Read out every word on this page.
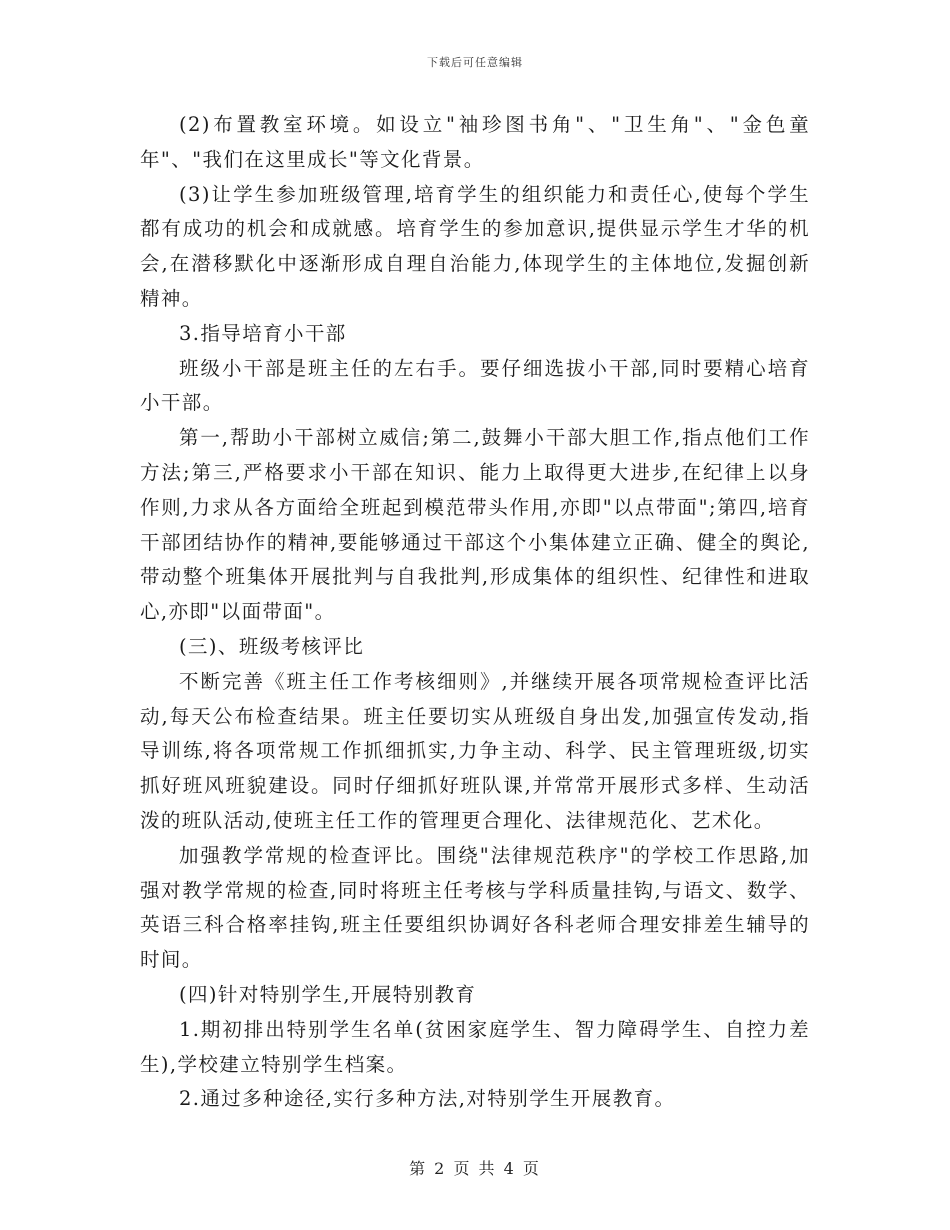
下载后可任意编辑

(2)布置教室环境。如设立"袖珍图书角"、"卫生角"、"金色童年"、"我们在这里成长"等文化背景。

(3)让学生参加班级管理,培育学生的组织能力和责任心,使每个学生都有成功的机会和成就感。培育学生的参加意识,提供显示学生才华的机会,在潜移默化中逐渐形成自理自治能力,体现学生的主体地位,发掘创新精神。

3.指导培育小干部

班级小干部是班主任的左右手。要仔细选拔小干部,同时要精心培育小干部。

第一,帮助小干部树立威信;第二,鼓舞小干部大胆工作,指点他们工作方法;第三,严格要求小干部在知识、能力上取得更大进步,在纪律上以身作则,力求从各方面给全班起到模范带头作用,亦即"以点带面";第四,培育干部团结协作的精神,要能够通过干部这个小集体建立正确、健全的舆论,带动整个班集体开展批判与自我批判,形成集体的组织性、纪律性和进取心,亦即"以面带面"。

(三)、班级考核评比

不断完善《班主任工作考核细则》,并继续开展各项常规检查评比活动,每天公布检查结果。班主任要切实从班级自身出发,加强宣传发动,指导训练,将各项常规工作抓细抓实,力争主动、科学、民主管理班级,切实抓好班风班貌建设。同时仔细抓好班队课,并常常开展形式多样、生动活泼的班队活动,使班主任工作的管理更合理化、法律规范化、艺术化。

加强教学常规的检查评比。围绕"法律规范秩序"的学校工作思路,加强对教学常规的检查,同时将班主任考核与学科质量挂钩,与语文、数学、英语三科合格率挂钩,班主任要组织协调好各科老师合理安排差生辅导的时间。

(四)针对特别学生,开展特别教育

1.期初排出特别学生名单(贫困家庭学生、智力障碍学生、自控力差生),学校建立特别学生档案。

2.通过多种途径,实行多种方法,对特别学生开展教育。

第 2 页 共 4 页
